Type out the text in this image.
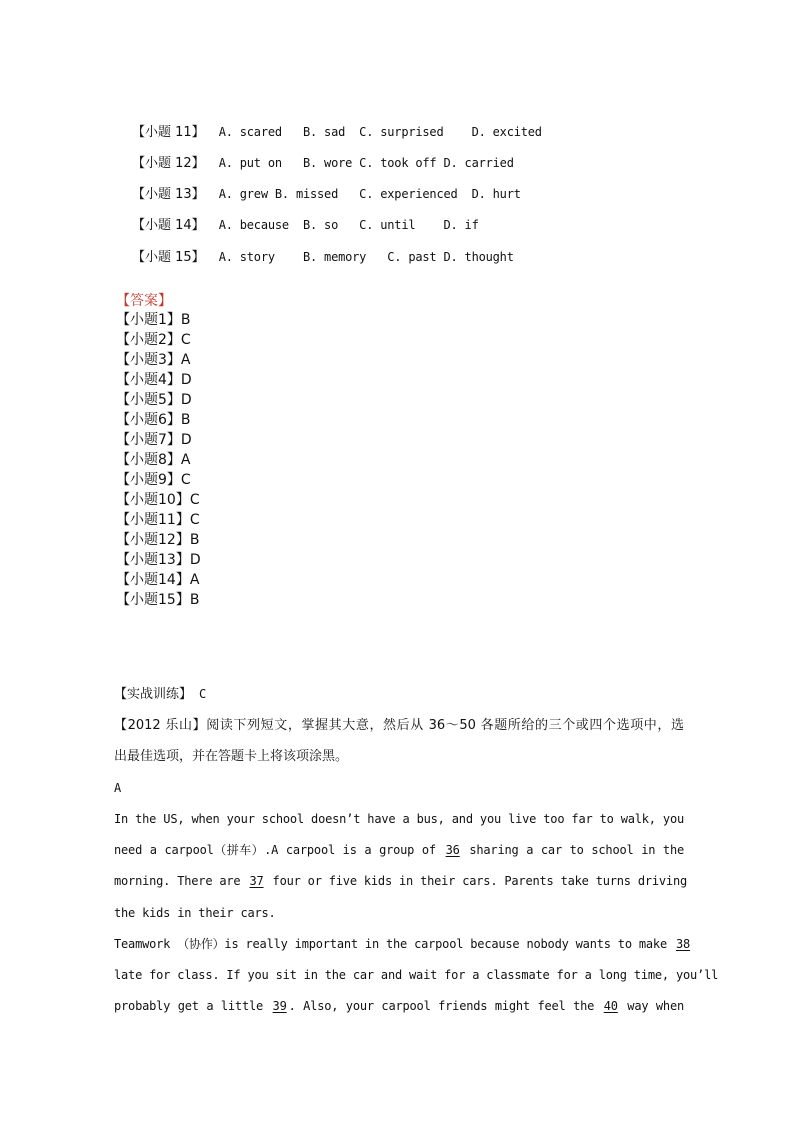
【小题 11】 A. scared   B. sad  C. surprised    D. excited

【小题 12】 A. put on   B. wore C. took off D. carried

【小题 13】 A. grew B. missed   C. experienced  D. hurt

【小题 14】 A. because  B. so   C. until    D. if

【小题 15】 A. story    B. memory   C. past D. thought

【答案】
【小题1】B
【小题2】C
【小题3】A
【小题4】D
【小题5】D
【小题6】B
【小题7】D
【小题8】A
【小题9】C
【小题10】C
【小题11】C
【小题12】B
【小题13】D
【小题14】A
【小题15】B
【实战训练】 C
【2012 乐山】阅读下列短文，掌握其大意，然后从 36～50 各题所给的三个或四个选项中，选
出最佳选项，并在答题卡上将该项涂黑。
A
In the US, when your school doesn’t have a bus, and you live too far to walk, you
need a carpool（拼车）.A carpool is a group of 36 sharing a car to school in the
morning. There are 37 four or five kids in their cars. Parents take turns driving
the kids in their cars.
Teamwork （协作）is really important in the carpool because nobody wants to make 38
late for class. If you sit in the car and wait for a classmate for a long time, you’ll
probably get a little 39 . Also, your carpool friends might feel the 40 way when
